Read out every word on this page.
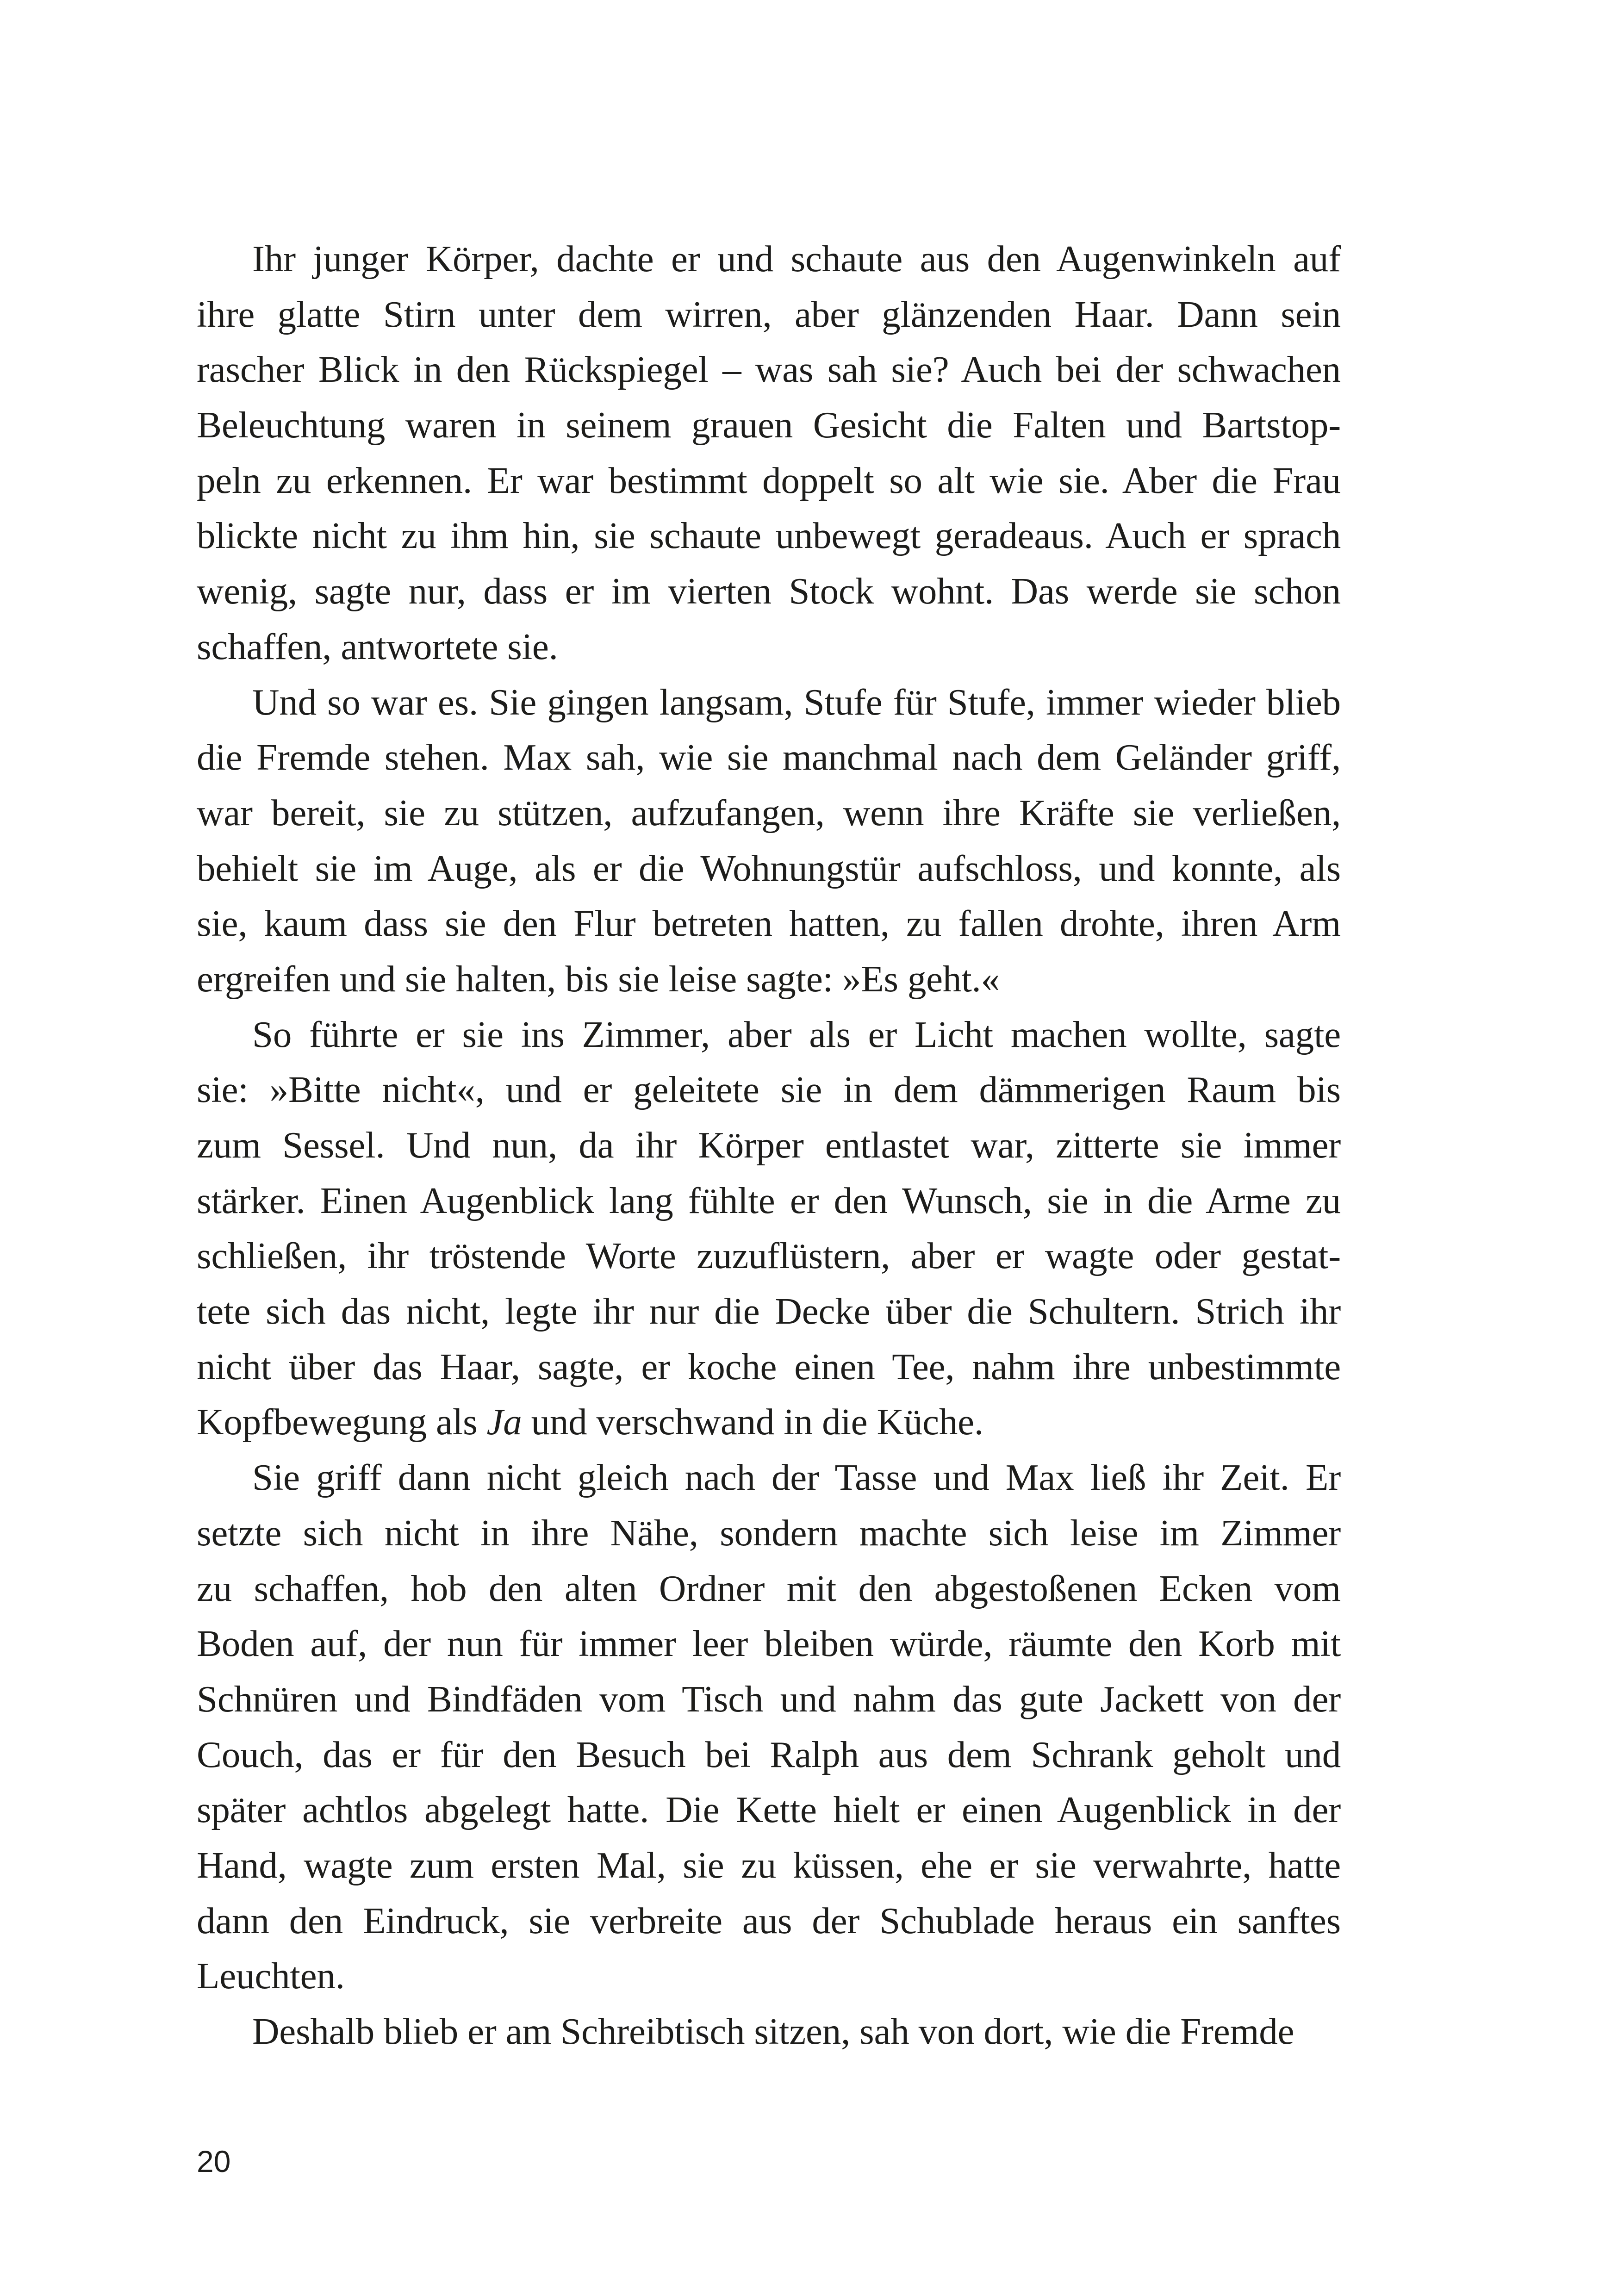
Ihr junger Körper, dachte er und schaute aus den Augenwinkeln auf
ihre glatte Stirn unter dem wirren, aber glänzenden Haar. Dann sein
rascher Blick in den Rückspiegel – was sah sie? Auch bei der schwachen
Beleuchtung waren in seinem grauen Gesicht die Falten und Bartstop-
peln zu erkennen. Er war bestimmt doppelt so alt wie sie. Aber die Frau
blickte nicht zu ihm hin, sie schaute unbewegt geradeaus. Auch er sprach
wenig, sagte nur, dass er im vierten Stock wohnt. Das werde sie schon
schaffen, antwortete sie.
Und so war es. Sie gingen langsam, Stufe für Stufe, immer wieder blieb
die Fremde stehen. Max sah, wie sie manchmal nach dem Geländer griff,
war bereit, sie zu stützen, aufzufangen, wenn ihre Kräfte sie verließen,
behielt sie im Auge, als er die Wohnungstür aufschloss, und konnte, als
sie, kaum dass sie den Flur betreten hatten, zu fallen drohte, ihren Arm
ergreifen und sie halten, bis sie leise sagte: »Es geht.«
So führte er sie ins Zimmer, aber als er Licht machen wollte, sagte
sie: »Bitte nicht«, und er geleitete sie in dem dämmerigen Raum bis
zum Sessel. Und nun, da ihr Körper entlastet war, zitterte sie immer
stärker. Einen Augenblick lang fühlte er den Wunsch, sie in die Arme zu
schließen, ihr tröstende Worte zuzuflüstern, aber er wagte oder gestat-
tete sich das nicht, legte ihr nur die Decke über die Schultern. Strich ihr
nicht über das Haar, sagte, er koche einen Tee, nahm ihre unbestimmte
Kopfbewegung als Ja und verschwand in die Küche.
Sie griff dann nicht gleich nach der Tasse und Max ließ ihr Zeit. Er
setzte sich nicht in ihre Nähe, sondern machte sich leise im Zimmer
zu schaffen, hob den alten Ordner mit den abgestoßenen Ecken vom
Boden auf, der nun für immer leer bleiben würde, räumte den Korb mit
Schnüren und Bindfäden vom Tisch und nahm das gute Jackett von der
Couch, das er für den Besuch bei Ralph aus dem Schrank geholt und
später achtlos abgelegt hatte. Die Kette hielt er einen Augenblick in der
Hand, wagte zum ersten Mal, sie zu küssen, ehe er sie verwahrte, hatte
dann den Eindruck, sie verbreite aus der Schublade heraus ein sanftes
Leuchten.
Deshalb blieb er am Schreibtisch sitzen, sah von dort, wie die Fremde
20
